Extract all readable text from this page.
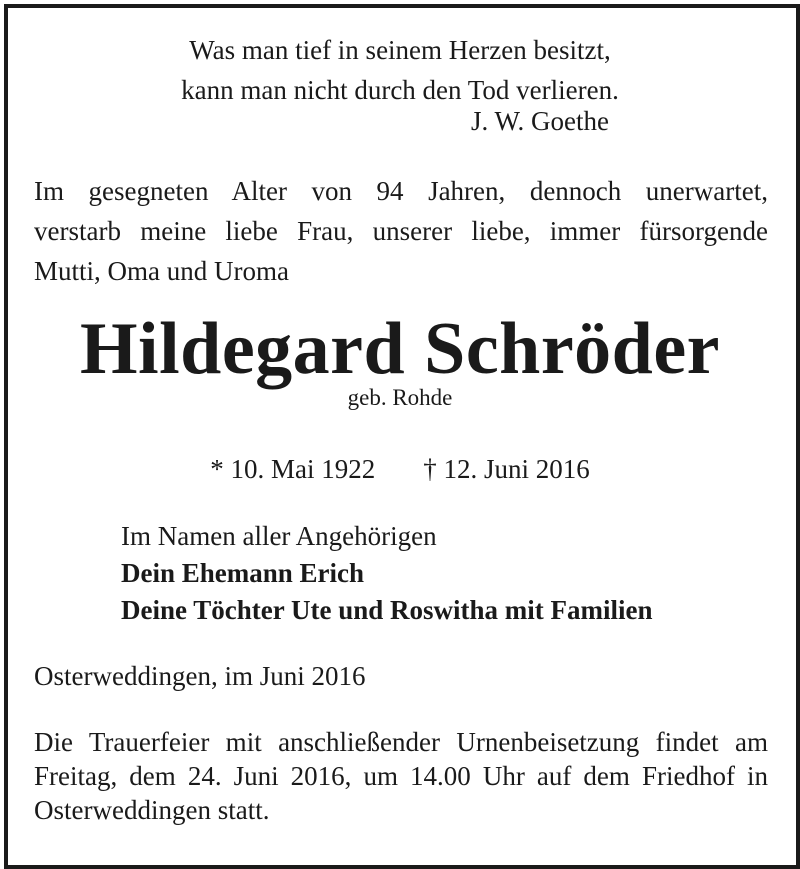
Was man tief in seinem Herzen besitzt,
kann man nicht durch den Tod verlieren.
J. W. Goethe
Im gesegneten Alter von 94 Jahren, dennoch unerwartet,
verstarb meine liebe Frau, unserer liebe, immer fürsorgende
Mutti, Oma und Uroma
Hildegard Schröder
geb. Rohde
* 10. Mai 1922 † 12. Juni 2016
Im Namen aller Angehörigen
Dein Ehemann Erich
Deine Töchter Ute und Roswitha mit Familien
Osterweddingen, im Juni 2016
Die Trauerfeier mit anschließender Urnenbeisetzung findet am
Freitag, dem 24. Juni 2016, um 14.00 Uhr auf dem Friedhof in
Osterweddingen statt.
